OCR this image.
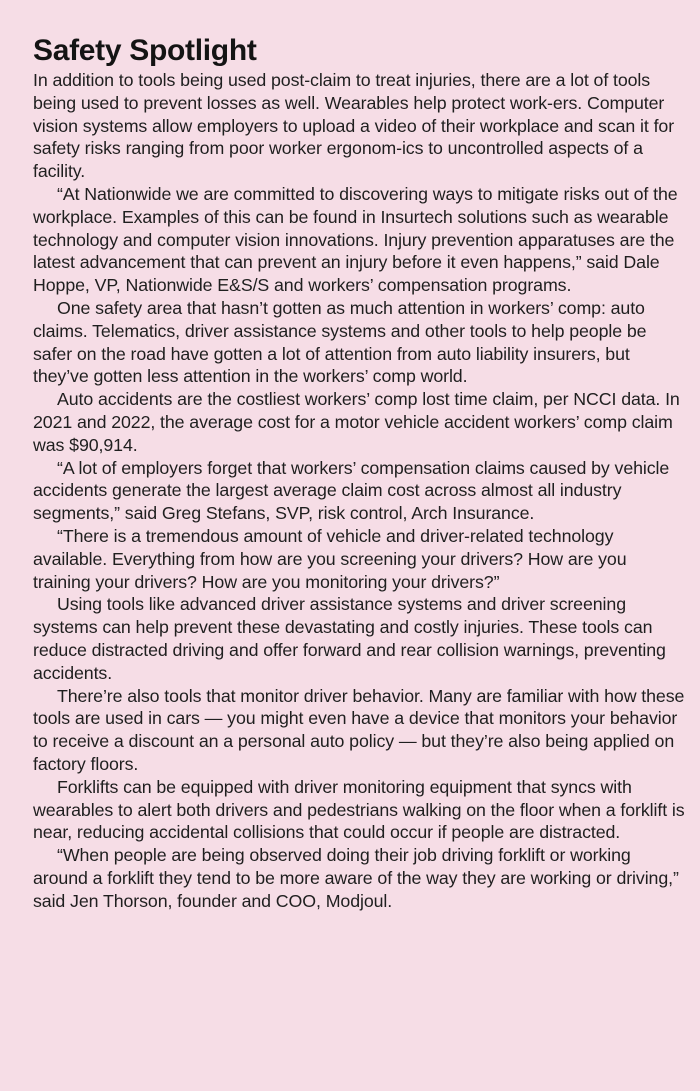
Safety Spotlight

In addition to tools being used post-claim to treat injuries, there are a lot of tools being used to prevent losses as well. Wearables help protect work-ers. Computer vision systems allow employers to upload a video of their workplace and scan it for safety risks ranging from poor worker ergonom-ics to uncontrolled aspects of a facility.

“At Nationwide we are committed to discovering ways to mitigate risks out of the workplace. Examples of this can be found in Insurtech solutions such as wearable technology and computer vision innovations. Injury prevention apparatuses are the latest advancement that can prevent an injury before it even happens,” said Dale Hoppe, VP, Nationwide E&S/S and workers’ compensation programs.

One safety area that hasn’t gotten as much attention in workers’ comp: auto claims. Telematics, driver assistance systems and other tools to help people be safer on the road have gotten a lot of attention from auto liability insurers, but they’ve gotten less attention in the workers’ comp world.

Auto accidents are the costliest workers’ comp lost time claim, per NCCI data. In 2021 and 2022, the average cost for a motor vehicle accident workers’ comp claim was $90,914.

“A lot of employers forget that workers’ compensation claims caused by vehicle accidents generate the largest average claim cost across almost all industry segments,” said Greg Stefans, SVP, risk control, Arch Insurance.

“There is a tremendous amount of vehicle and driver-related technology available. Everything from how are you screening your drivers? How are you training your drivers? How are you monitoring your drivers?”

Using tools like advanced driver assistance systems and driver screening systems can help prevent these devastating and costly injuries. These tools can reduce distracted driving and offer forward and rear collision warnings, preventing accidents.

There’re also tools that monitor driver behavior. Many are familiar with how these tools are used in cars — you might even have a device that monitors your behavior to receive a discount an a personal auto policy — but they’re also being applied on factory floors.

Forklifts can be equipped with driver monitoring equipment that syncs with wearables to alert both drivers and pedestrians walking on the floor when a forklift is near, reducing accidental collisions that could occur if people are distracted.

“When people are being observed doing their job driving forklift or working around a forklift they tend to be more aware of the way they are working or driving,” said Jen Thorson, founder and COO, Modjoul.
